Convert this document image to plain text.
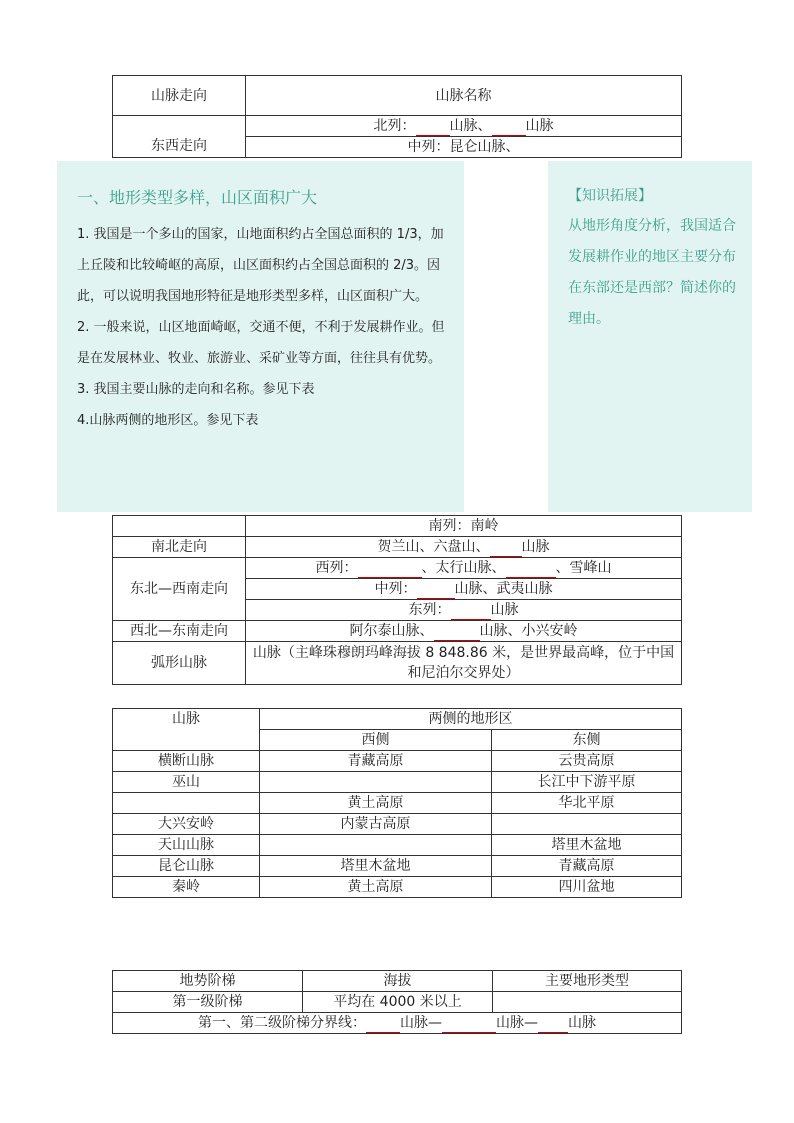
山脉走向	山脉名称
东西走向	北列： 山脉、 山脉
	中列：昆仑山脉、
一、地形类型多样，山区面积广大

1. 我国是一个多山的国家，山地面积约占全国总面积的 1/3，加上丘陵和比较崎岖的高原，山区面积约占全国总面积的 2/3。因此，可以说明我国地形特征是地形类型多样，山区面积广大。

2. 一般来说，山区地面崎岖，交通不便，不利于发展耕作业。但是在发展林业、牧业、旅游业、采矿业等方面，往往具有优势。

3. 我国主要山脉的走向和名称。参见下表

4.山脉两侧的地形区。参见下表

【知识拓展】
从地形角度分析，我国适合发展耕作业的地区主要分布在东部还是西部？简述你的理由。
	南列：南岭
南北走向	贺兰山、六盘山、 山脉
东北—西南走向	西列： 、太行山脉、 、雪峰山
	中列： 山脉、武夷山脉
	东列： 山脉
西北—东南走向	阿尔泰山脉、 山脉、小兴安岭
弧形山脉	山脉（主峰珠穆朗玛峰海拔 8 848.86 米，是世界最高峰，位于中国和尼泊尔交界处）
山脉	两侧的地形区	
	西侧	东侧
横断山脉	青藏高原	云贵高原
巫山		长江中下游平原
	黄土高原	华北平原
大兴安岭	内蒙古高原	
天山山脉		塔里木盆地
昆仑山脉	塔里木盆地	青藏高原
秦岭	黄土高原	四川盆地
地势阶梯	海拔	主要地形类型
第一级阶梯	平均在 4000 米以上	
第一、第二级阶梯分界线： 山脉— 山脉— 山脉		
